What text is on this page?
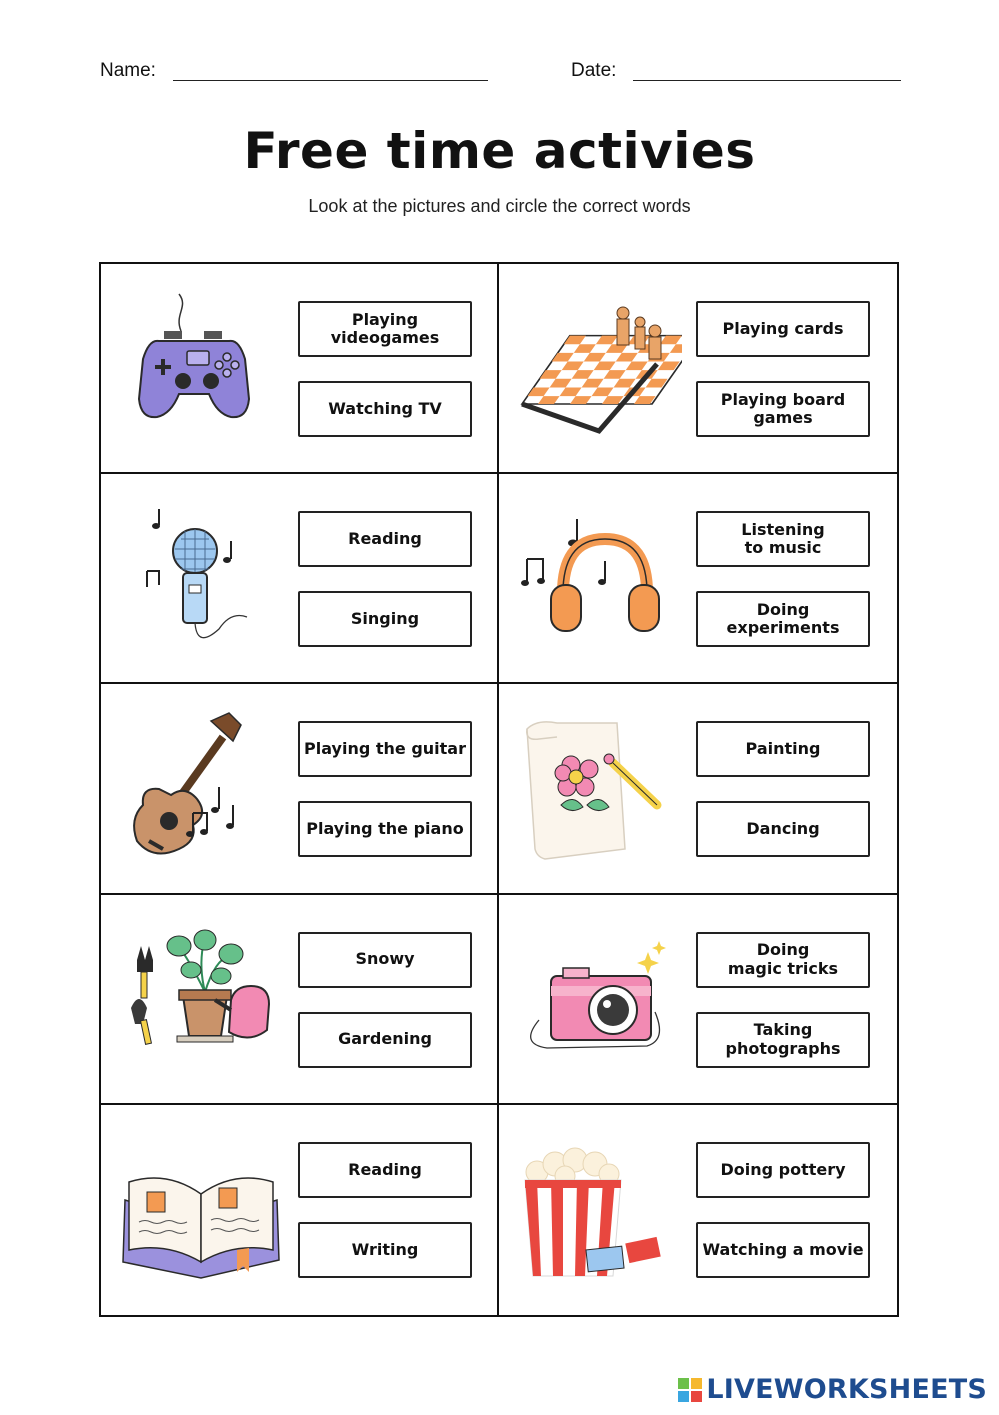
Name:	Date:
Free time activies
Look at the pictures and circle the correct words
Playing
videogames
Watching TV
Playing cards
Playing board
games
Reading
Singing
Listening
to music
Doing
experiments
Playing the guitar
Playing the piano
Painting
Dancing
Snowy
Gardening
Doing
magic tricks
Taking
photographs
Reading
Writing
Doing pottery
Watching a movie
LIVEWORKSHEETS
